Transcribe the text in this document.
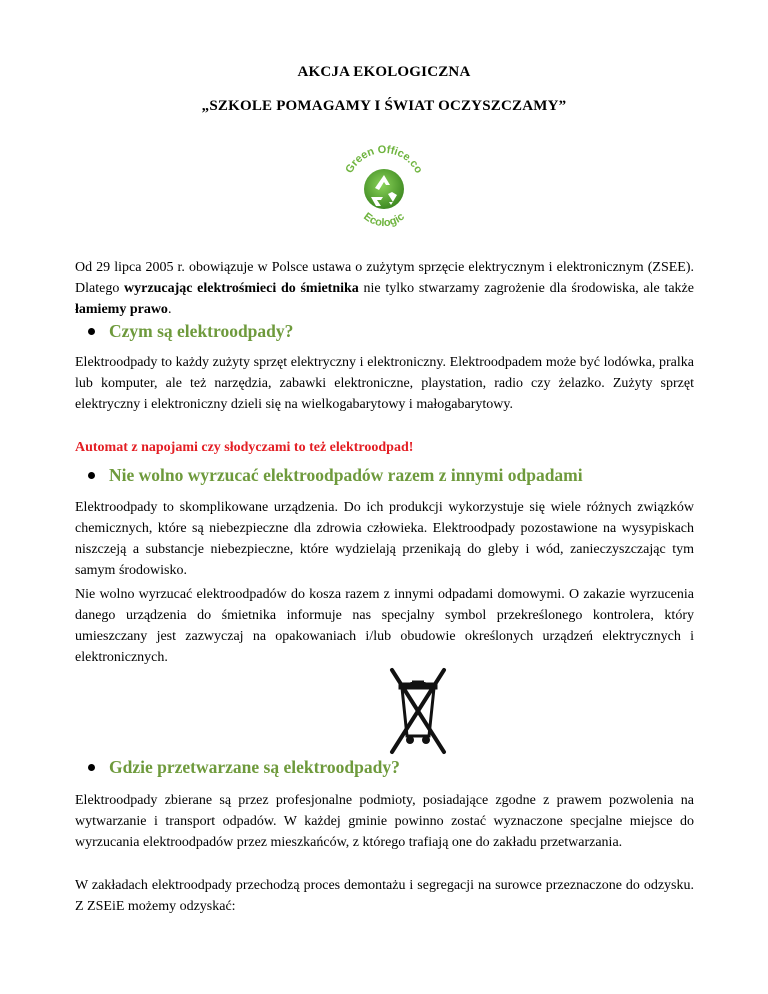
AKCJA EKOLOGICZNA
„SZKOLE POMAGAMY I ŚWIAT OCZYSZCZAMY”
Green Office.co
Ecologic

Od 29 lipca 2005 r. obowiązuje w Polsce ustawa o zużytym sprzęcie elektrycznym i elektronicznym (ZSEE). Dlatego wyrzucając elektrośmieci do śmietnika nie tylko stwarzamy zagrożenie dla środowiska, ale także łamiemy prawo.

Czym są elektroodpady?

Elektroodpady to każdy zużyty sprzęt elektryczny i elektroniczny. Elektroodpadem może być lodówka, pralka lub komputer, ale też narzędzia, zabawki elektroniczne, playstation, radio czy żelazko. Zużyty sprzęt elektryczny i elektroniczny dzieli się na wielkogabarytowy i małogabarytowy.

Automat z napojami czy słodyczami to też elektroodpad!
Nie wolno wyrzucać elektroodpadów razem z innymi odpadami

Elektroodpady to skomplikowane urządzenia. Do ich produkcji wykorzystuje się wiele różnych związków chemicznych, które są niebezpieczne dla zdrowia człowieka. Elektroodpady pozostawione na wysypiskach niszczeją a substancje niebezpieczne, które wydzielają przenikają do gleby i wód, zanieczyszczając tym samym środowisko.

Nie wolno wyrzucać elektroodpadów do kosza razem z innymi odpadami domowymi. O zakazie wyrzucenia danego urządzenia do śmietnika informuje nas specjalny symbol przekreślonego kontrolera, który umieszczany jest zazwyczaj na opakowaniach i/lub obudowie określonych urządzeń elektrycznych i elektronicznych.

Gdzie przetwarzane są elektroodpady?

Elektroodpady zbierane są przez profesjonalne podmioty, posiadające zgodne z prawem pozwolenia na wytwarzanie i transport odpadów. W każdej gminie powinno zostać wyznaczone specjalne miejsce do wyrzucania elektroodpadów przez mieszkańców, z którego trafiają one do zakładu przetwarzania.

W zakładach elektroodpady przechodzą proces demontażu i segregacji na surowce przeznaczone do odzysku. Z ZSEiE możemy odzyskać:
